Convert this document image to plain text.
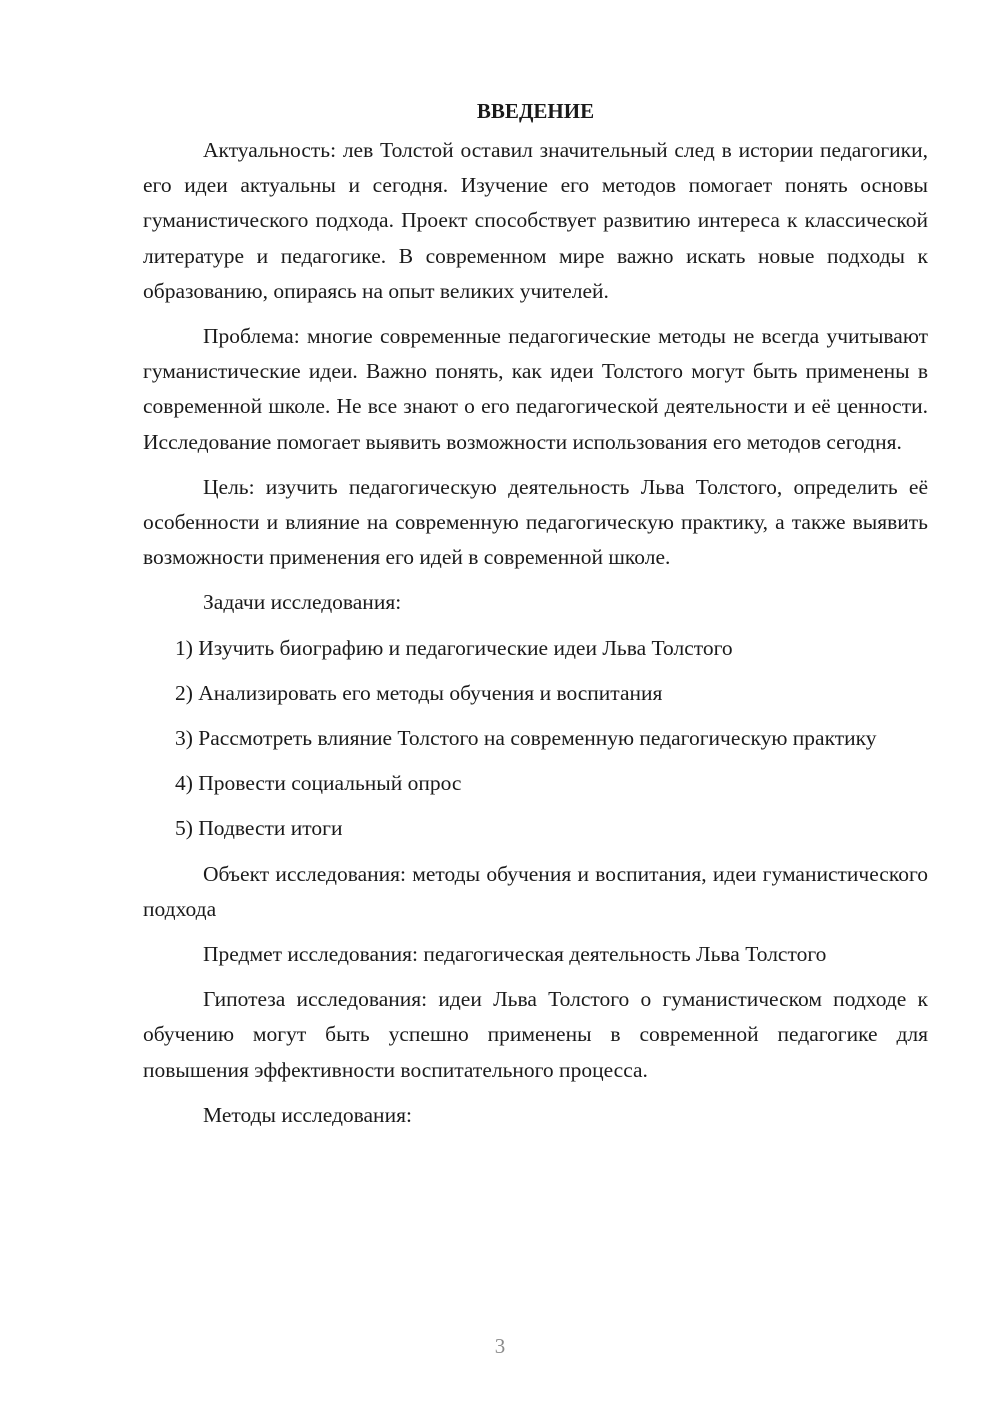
ВВЕДЕНИЕ

Актуальность: лев Толстой оставил значительный след в истории педагогики, его идеи актуальны и сегодня. Изучение его методов помогает понять основы гуманистического подхода. Проект способствует развитию интереса к классической литературе и педагогике. В современном мире важно искать новые подходы к образованию, опираясь на опыт великих учителей.

Проблема: многие современные педагогические методы не всегда учитывают гуманистические идеи. Важно понять, как идеи Толстого могут быть применены в современной школе. Не все знают о его педагогической деятельности и её ценности. Исследование помогает выявить возможности использования его методов сегодня.

Цель: изучить педагогическую деятельность Льва Толстого, определить её особенности и влияние на современную педагогическую практику, а также выявить возможности применения его идей в современной школе.

Задачи исследования:

1) Изучить биографию и педагогические идеи Льва Толстого

2) Анализировать его методы обучения и воспитания

3) Рассмотреть влияние Толстого на современную педагогическую практику

4) Провести социальный опрос

5) Подвести итоги

Объект исследования: методы обучения и воспитания, идеи гуманистического подхода

Предмет исследования: педагогическая деятельность Льва Толстого

Гипотеза исследования: идеи Льва Толстого о гуманистическом подходе к обучению могут быть успешно применены в современной педагогике для повышения эффективности воспитательного процесса.

Методы исследования:

3
